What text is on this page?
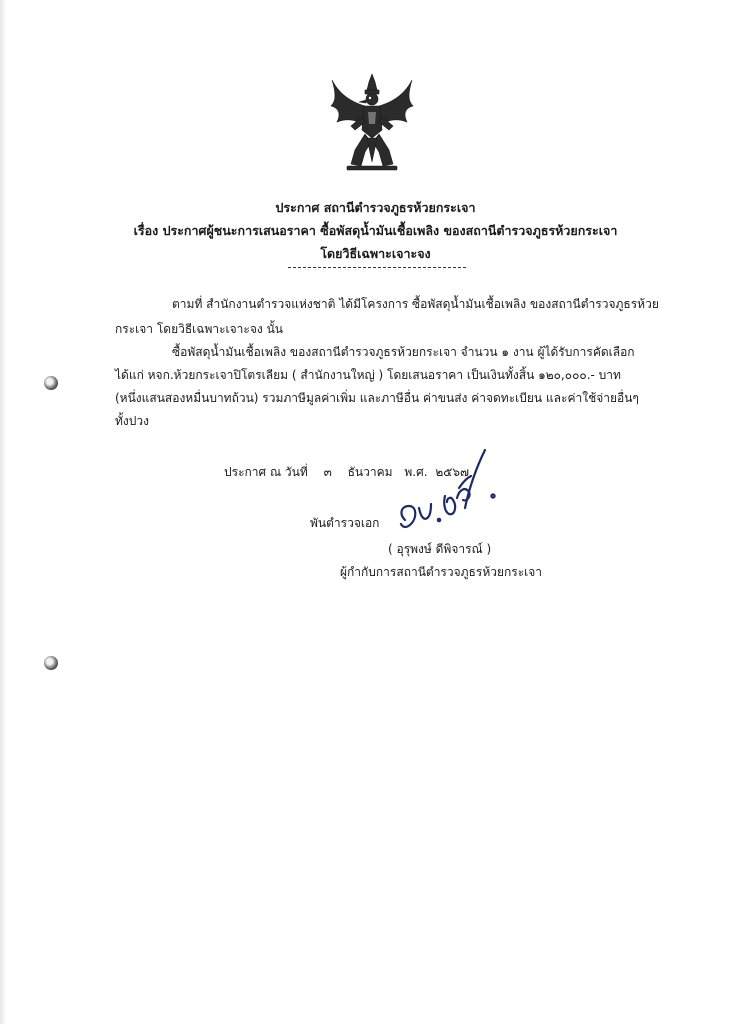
ประกาศ สถานีตำรวจภูธรห้วยกระเจา
เรื่อง ประกาศผู้ชนะการเสนอราคา ซื้อพัสดุน้ำมันเชื้อเพลิง ของสถานีตำรวจภูธรห้วยกระเจา
โดยวิธีเฉพาะเจาะจง
ตามที่ สำนักงานตำรวจแห่งชาติ ได้มีโครงการ ซื้อพัสดุน้ำมันเชื้อเพลิง ของสถานีตำรวจภูธรห้วย
กระเจา โดยวิธีเฉพาะเจาะจง นั้น
ซื้อพัสดุน้ำมันเชื้อเพลิง ของสถานีตำรวจภูธรห้วยกระเจา จำนวน ๑ งาน ผู้ได้รับการคัดเลือก
ได้แก่ หจก.ห้วยกระเจาปิโตรเลียม ( สำนักงานใหญ่ ) โดยเสนอราคา เป็นเงินทั้งสิ้น ๑๒๐,๐๐๐.- บาท
(หนึ่งแสนสองหมื่นบาทถ้วน) รวมภาษีมูลค่าเพิ่ม และภาษีอื่น ค่าขนส่ง ค่าจดทะเบียน และค่าใช้จ่ายอื่นๆ
ทั้งปวง
ประกาศ ณ วันที่ ๓ ธันวาคม พ.ศ. ๒๕๖๗
พันตำรวจเอก
( อุรุพงษ์ ดีพิจารณ์ )
ผู้กำกับการสถานีตำรวจภูธรห้วยกระเจา
